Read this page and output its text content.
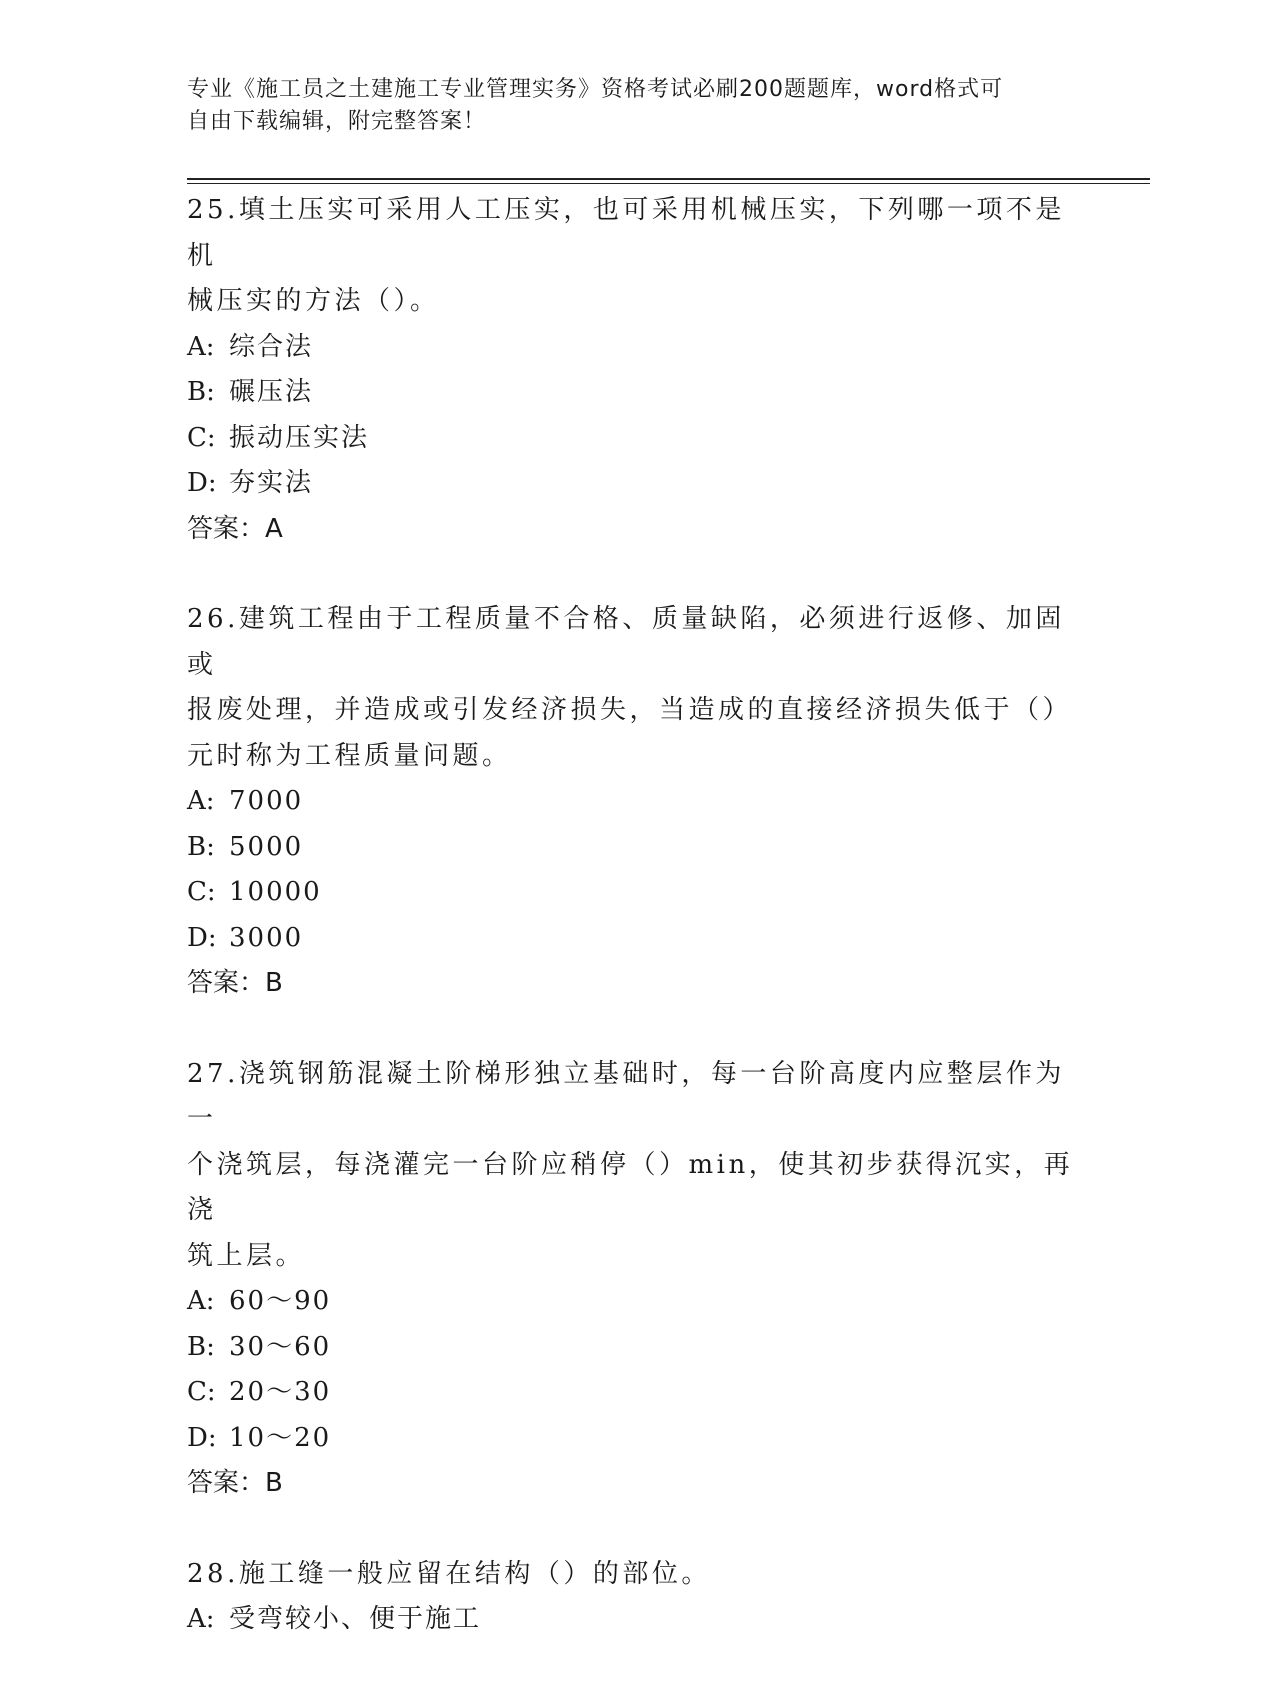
专业《施工员之土建施工专业管理实务》资格考试必刷200题题库，word格式可
自由下载编辑，附完整答案！
25.填土压实可采用人工压实，也可采用机械压实，下列哪一项不是机
械压实的方法（）。
A: 综合法
B: 碾压法
C: 振动压实法
D: 夯实法
答案：A
26.建筑工程由于工程质量不合格、质量缺陷，必须进行返修、加固或
报废处理，并造成或引发经济损失，当造成的直接经济损失低于（）
元时称为工程质量问题。
A: 7000
B: 5000
C: 10000
D: 3000
答案：B
27.浇筑钢筋混凝土阶梯形独立基础时，每一台阶高度内应整层作为一
个浇筑层，每浇灌完一台阶应稍停（）min，使其初步获得沉实，再浇
筑上层。
A: 60～90
B: 30～60
C: 20～30
D: 10～20
答案：B
28.施工缝一般应留在结构（）的部位。
A: 受弯较小、便于施工
